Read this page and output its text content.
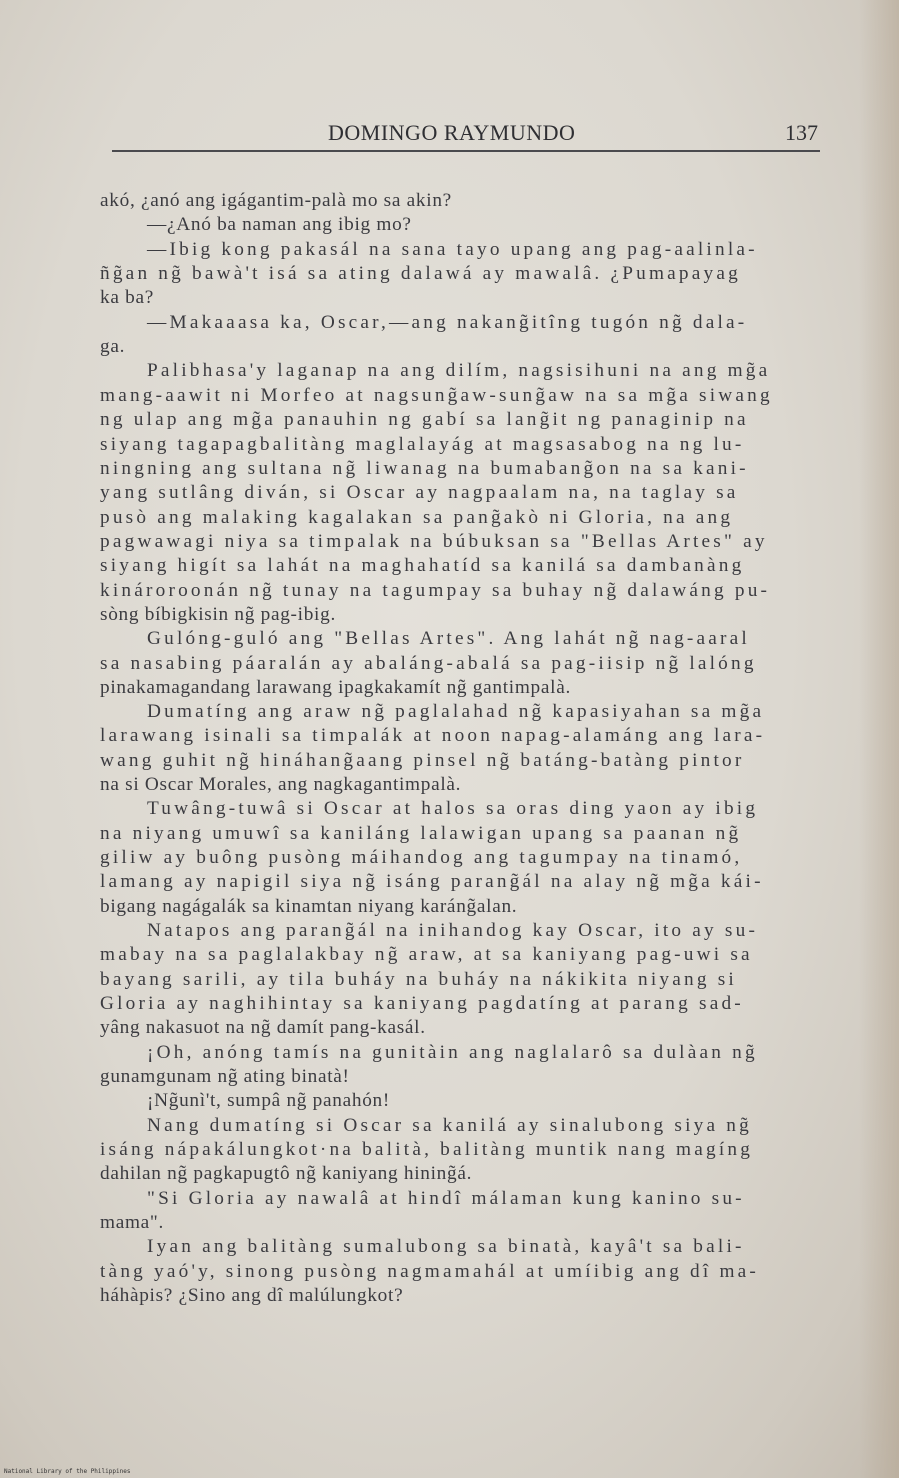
DOMINGO RAYMUNDO	137
akó, ¿anó ang igágantim-palà mo sa akin?
—¿Anó ba naman ang ibig mo?
—Ibig kong pakasál na sana tayo upang ang pag-aalinla-
ñg̃an ng̃ bawà't isá sa ating dalawá ay mawalâ. ¿Pumapayag
ka ba?
—Makaaasa ka, Oscar,—ang nakang̃itîng tugón ng̃ dala-
ga.
Palibhasa'y laganap na ang dilím, nagsisihuni na ang mg̃a
mang-aawit ni Morfeo at nagsung̃aw-sung̃aw na sa mg̃a siwang
ng ulap ang mg̃a panauhin ng gabí sa lang̃it ng panaginip na
siyang tagapagbalitàng maglalayág at magsasabog na ng lu-
ningning ang sultana ng̃ liwanag na bumabang̃on na sa kani-
yang sutlâng diván, si Oscar ay nagpaalam na, na taglay sa
pusò ang malaking kagalakan sa pang̃akò ni Gloria, na ang
pagwawagi niya sa timpalak na búbuksan sa "Bellas Artes" ay
siyang higít sa lahát na maghahatíd sa kanilá sa dambanàng
kinároroonán ng̃ tunay na tagumpay sa buhay ng̃ dalawáng pu-
sòng bíbigkisin ng̃ pag-ibig.
Gulóng-guló ang "Bellas Artes". Ang lahát ng̃ nag-aaral
sa nasabing páaralán ay abaláng-abalá sa pag-iisip ng̃ lalóng
pinakamagandang larawang ipagkakamít ng̃ gantimpalà.
Dumatíng ang araw ng̃ paglalahad ng̃ kapasiyahan sa mg̃a
larawang isinali sa timpalák at noon napag-alamáng ang lara-
wang guhit ng̃ hináhang̃aang pinsel ng̃ batáng-batàng pintor
na si Oscar Morales, ang nagkagantimpalà.
Tuwâng-tuwâ si Oscar at halos sa oras ding yaon ay ibig
na niyang umuwî sa kaniláng lalawigan upang sa paanan ng̃
giliw ay buông pusòng máihandog ang tagumpay na tinamó,
lamang ay napigil siya ng̃ isáng parang̃ál na alay ng̃ mg̃a kái-
bigang nagágalák sa kinamtan niyang karáng̃alan.
Natapos ang parang̃ál na inihandog kay Oscar, ito ay su-
mabay na sa paglalakbay ng̃ araw, at sa kaniyang pag-uwi sa
bayang sarili, ay tila buháy na buháy na nákikita niyang si
Gloria ay naghihintay sa kaniyang pagdatíng at parang sad-
yâng nakasuot na ng̃ damít pang-kasál.
¡Oh, anóng tamís na gunitàin ang naglalarô sa dulàan ng̃
gunamgunam ng̃ ating binatà!
¡Ng̃unì't, sumpâ ng̃ panahón!
Nang dumatíng si Oscar sa kanilá ay sinalubong siya ng̃
isáng nápakálungkot·na balità, balitàng muntik nang magíng
dahilan ng̃ pagkapugtô ng̃ kaniyang hining̃á.
"Si Gloria ay nawalâ at hindî málaman kung kanino su-
mama".
Iyan ang balitàng sumalubong sa binatà, kayâ't sa bali-
tàng yaó'y, sinong pusòng nagmamahál at umíibig ang dî ma-
háhàpis? ¿Sino ang dî malúlungkot?
National Library of the Philippines
